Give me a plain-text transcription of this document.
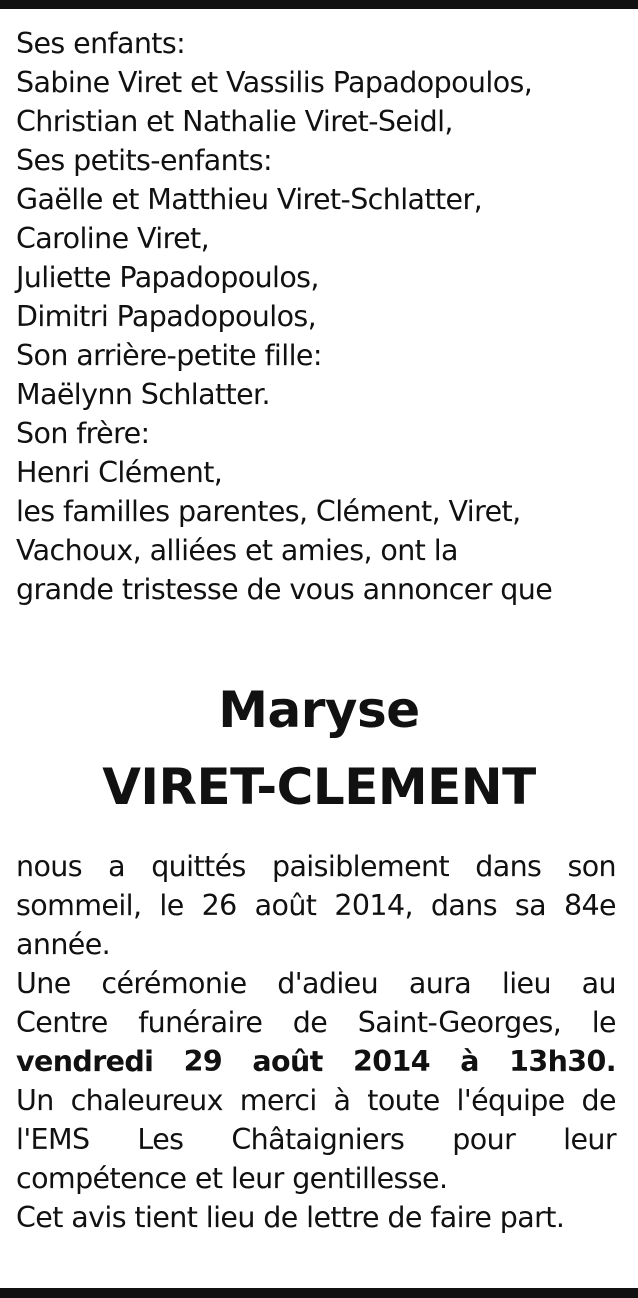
Ses enfants:
Sabine Viret et Vassilis Papadopoulos,
Christian et Nathalie Viret-Seidl,
Ses petits-enfants:
Gaëlle et Matthieu Viret-Schlatter,
Caroline Viret,
Juliette Papadopoulos,
Dimitri Papadopoulos,
Son arrière-petite fille:
Maëlynn Schlatter.
Son frère:
Henri Clément,
les familles parentes, Clément, Viret,
Vachoux, alliées et amies, ont la
grande tristesse de vous annoncer que
Maryse
VIRET-CLEMENT
nous a quittés paisiblement dans son
sommeil, le 26 août 2014, dans sa 84e
année.
Une cérémonie d'adieu aura lieu au
Centre funéraire de Saint-Georges, le
vendredi 29 août 2014 à 13h30.
Un chaleureux merci à toute l'équipe de
l'EMS Les Châtaigniers pour leur
compétence et leur gentillesse.
Cet avis tient lieu de lettre de faire part.
